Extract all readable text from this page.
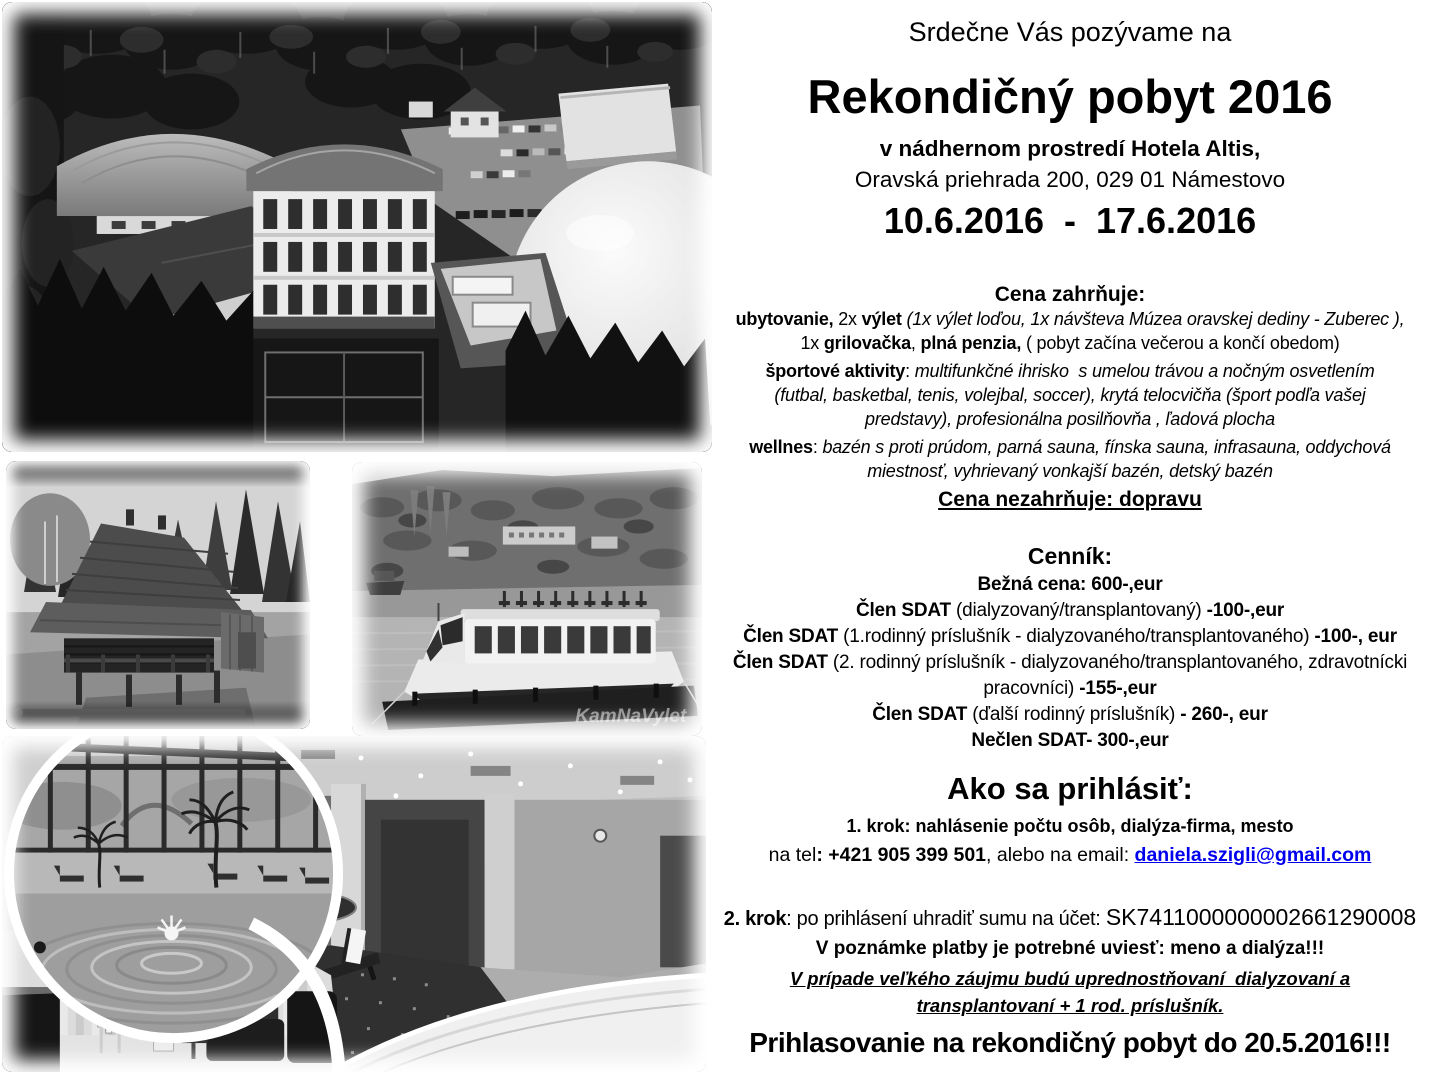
KamNaVylet
Srdečne Vás pozývame na
Rekondičný pobyt 2016
v nádhernom prostredí Hotela Altis,
Oravská priehrada 200, 029 01 Námestovo
10.6.2016  -  17.6.2016
Cena zahrňuje:
ubytovanie, 2x výlet (1x výlet loďou, 1x návšteva Múzea oravskej dediny - Zuberec ),
1x grilovačka, plná penzia, ( pobyt začína večerou a končí obedom)
športové aktivity: multifunkčné ihrisko  s umelou trávou a nočným osvetlením
(futbal, basketbal, tenis, volejbal, soccer), krytá telocvičňa (šport podľa vašej
predstavy), profesionálna posilňovňa , ľadová plocha
wellnes: bazén s proti prúdom, parná sauna, fínska sauna, infrasauna, oddychová
miestnosť, vyhrievaný vonkajší bazén, detský bazén
Cena nezahrňuje: dopravu
Cenník:
Bežná cena: 600-,eur
Člen SDAT (dialyzovaný/transplantovaný) -100-,eur
Člen SDAT (1.rodinný príslušník - dialyzovaného/transplantovaného) -100-, eur
Člen SDAT (2. rodinný príslušník - dialyzovaného/transplantovaného, zdravotnícki
pracovníci) -155-,eur
Člen SDAT (ďalší rodinný príslušník) - 260-, eur
Nečlen SDAT- 300-,eur
Ako sa prihlásiť:
1. krok: nahlásenie počtu osôb, dialýza-firma, mesto
na tel: +421 905 399 501, alebo na email: daniela.szigli@gmail.com
2. krok: po prihlásení uhradiť sumu na účet: SK7411000000002661290008
V poznámke platby je potrebné uviesť: meno a dialýza!!!
V prípade veľkého záujmu budú uprednostňovaní  dialyzovaní a
transplantovaní + 1 rod. príslušník.
Prihlasovanie na rekondičný pobyt do 20.5.2016!!!
